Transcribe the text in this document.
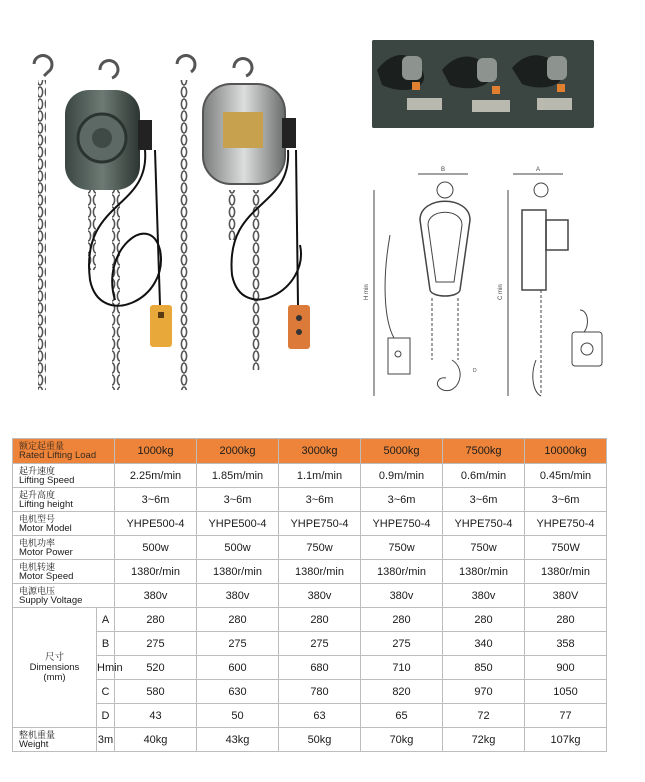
B
H min
A
C min
D
额定起重量
Rated Lifting Load		1000kg	2000kg	3000kg	5000kg	7500kg	10000kg

起升速度
Lifting Speed		2.25m/min	1.85m/min	1.1m/min	0.9m/min	0.6m/min	0.45m/min

起升高度
Lifting height		3~6m	3~6m	3~6m	3~6m	3~6m	3~6m

电机型号
Motor Model		YHPE500-4	YHPE500-4	YHPE750-4	YHPE750-4	YHPE750-4	YHPE750-4

电机功率
Motor Power		500w	500w	750w	750w	750w	750W

电机转速
Motor Speed		1380r/min	1380r/min	1380r/min	1380r/min	1380r/min	1380r/min

电源电压
Supply Voltage		380v	380v	380v	380v	380v	380V

尺寸
Dimensions
(mm)	A	280	280	280	280	280	280
	B	275	275	275	275	340	358
	Hmin	520	600	680	710	850	900
	C	580	630	780	820	970	1050
	D	43	50	63	65	72	77

整机重量
Weight	3m	40kg	43kg	50kg	70kg	72kg	107kg
